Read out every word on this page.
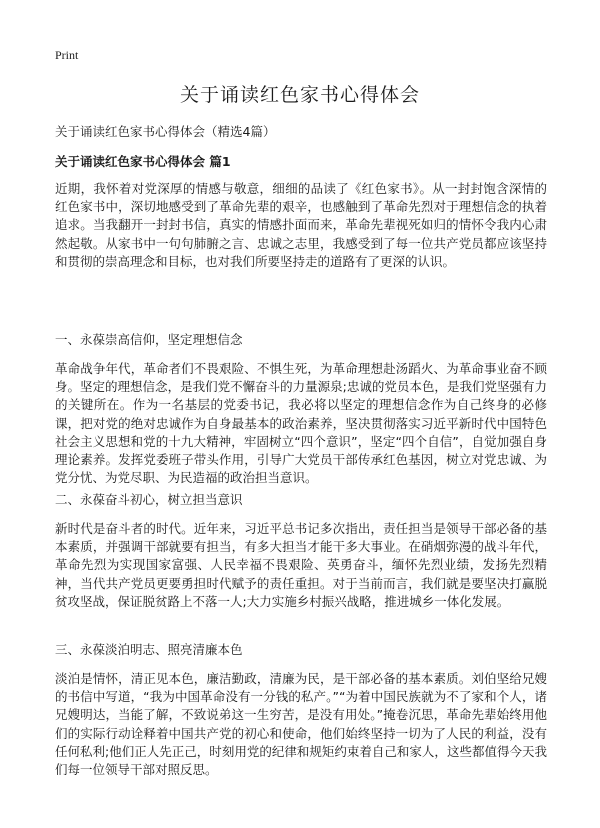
Print
关于诵读红色家书心得体会

关于诵读红色家书心得体会（精选4篇）

关于诵读红色家书心得体会 篇1

近期，我怀着对党深厚的情感与敬意，细细的品读了《红色家书》。从一封封饱含深情的红色家书中，深切地感受到了革命先辈的艰辛，也感触到了革命先烈对于理想信念的执着追求。当我翻开一封封书信，真实的情感扑面而来，革命先辈视死如归的情怀令我内心肃然起敬。从家书中一句句肺腑之言、忠诚之志里，我感受到了每一位共产党员都应该坚持和贯彻的崇高理念和目标，也对我们所要坚持走的道路有了更深的认识。

一、永葆崇高信仰，坚定理想信念

革命战争年代，革命者们不畏艰险、不惧生死，为革命理想赴汤蹈火、为革命事业奋不顾身。坚定的理想信念，是我们党不懈奋斗的力量源泉;忠诚的党员本色，是我们党坚强有力的关键所在。作为一名基层的党委书记，我必将以坚定的理想信念作为自己终身的必修课，把对党的绝对忠诚作为自身最基本的政治素养，坚决贯彻落实习近平新时代中国特色社会主义思想和党的十九大精神，牢固树立“四个意识”，坚定“四个自信”，自觉加强自身理论素养。发挥党委班子带头作用，引导广大党员干部传承红色基因，树立对党忠诚、为党分忧、为党尽职、为民造福的政治担当意识。

二、永葆奋斗初心，树立担当意识

新时代是奋斗者的时代。近年来，习近平总书记多次指出，责任担当是领导干部必备的基本素质，并强调干部就要有担当，有多大担当才能干多大事业。在硝烟弥漫的战斗年代，革命先烈为实现国家富强、人民幸福不畏艰险、英勇奋斗，缅怀先烈业绩，发扬先烈精神，当代共产党员更要勇担时代赋予的责任重担。对于当前而言，我们就是要坚决打赢脱贫攻坚战，保证脱贫路上不落一人;大力实施乡村振兴战略，推进城乡一体化发展。

三、永葆淡泊明志、照亮清廉本色

淡泊是情怀，清正见本色，廉洁勤政，清廉为民，是干部必备的基本素质。刘伯坚给兄嫂的书信中写道，“我为中国革命没有一分钱的私产。”“为着中国民族就为不了家和个人，诸兄嫂明达，当能了解，不致说弟这一生穷苦，是没有用处。”掩卷沉思，革命先辈始终用他们的实际行动诠释着中国共产党的初心和使命，他们始终坚持一切为了人民的利益，没有任何私利;他们正人先正己，时刻用党的纪律和规矩约束着自己和家人，这些都值得今天我们每一位领导干部对照反思。
